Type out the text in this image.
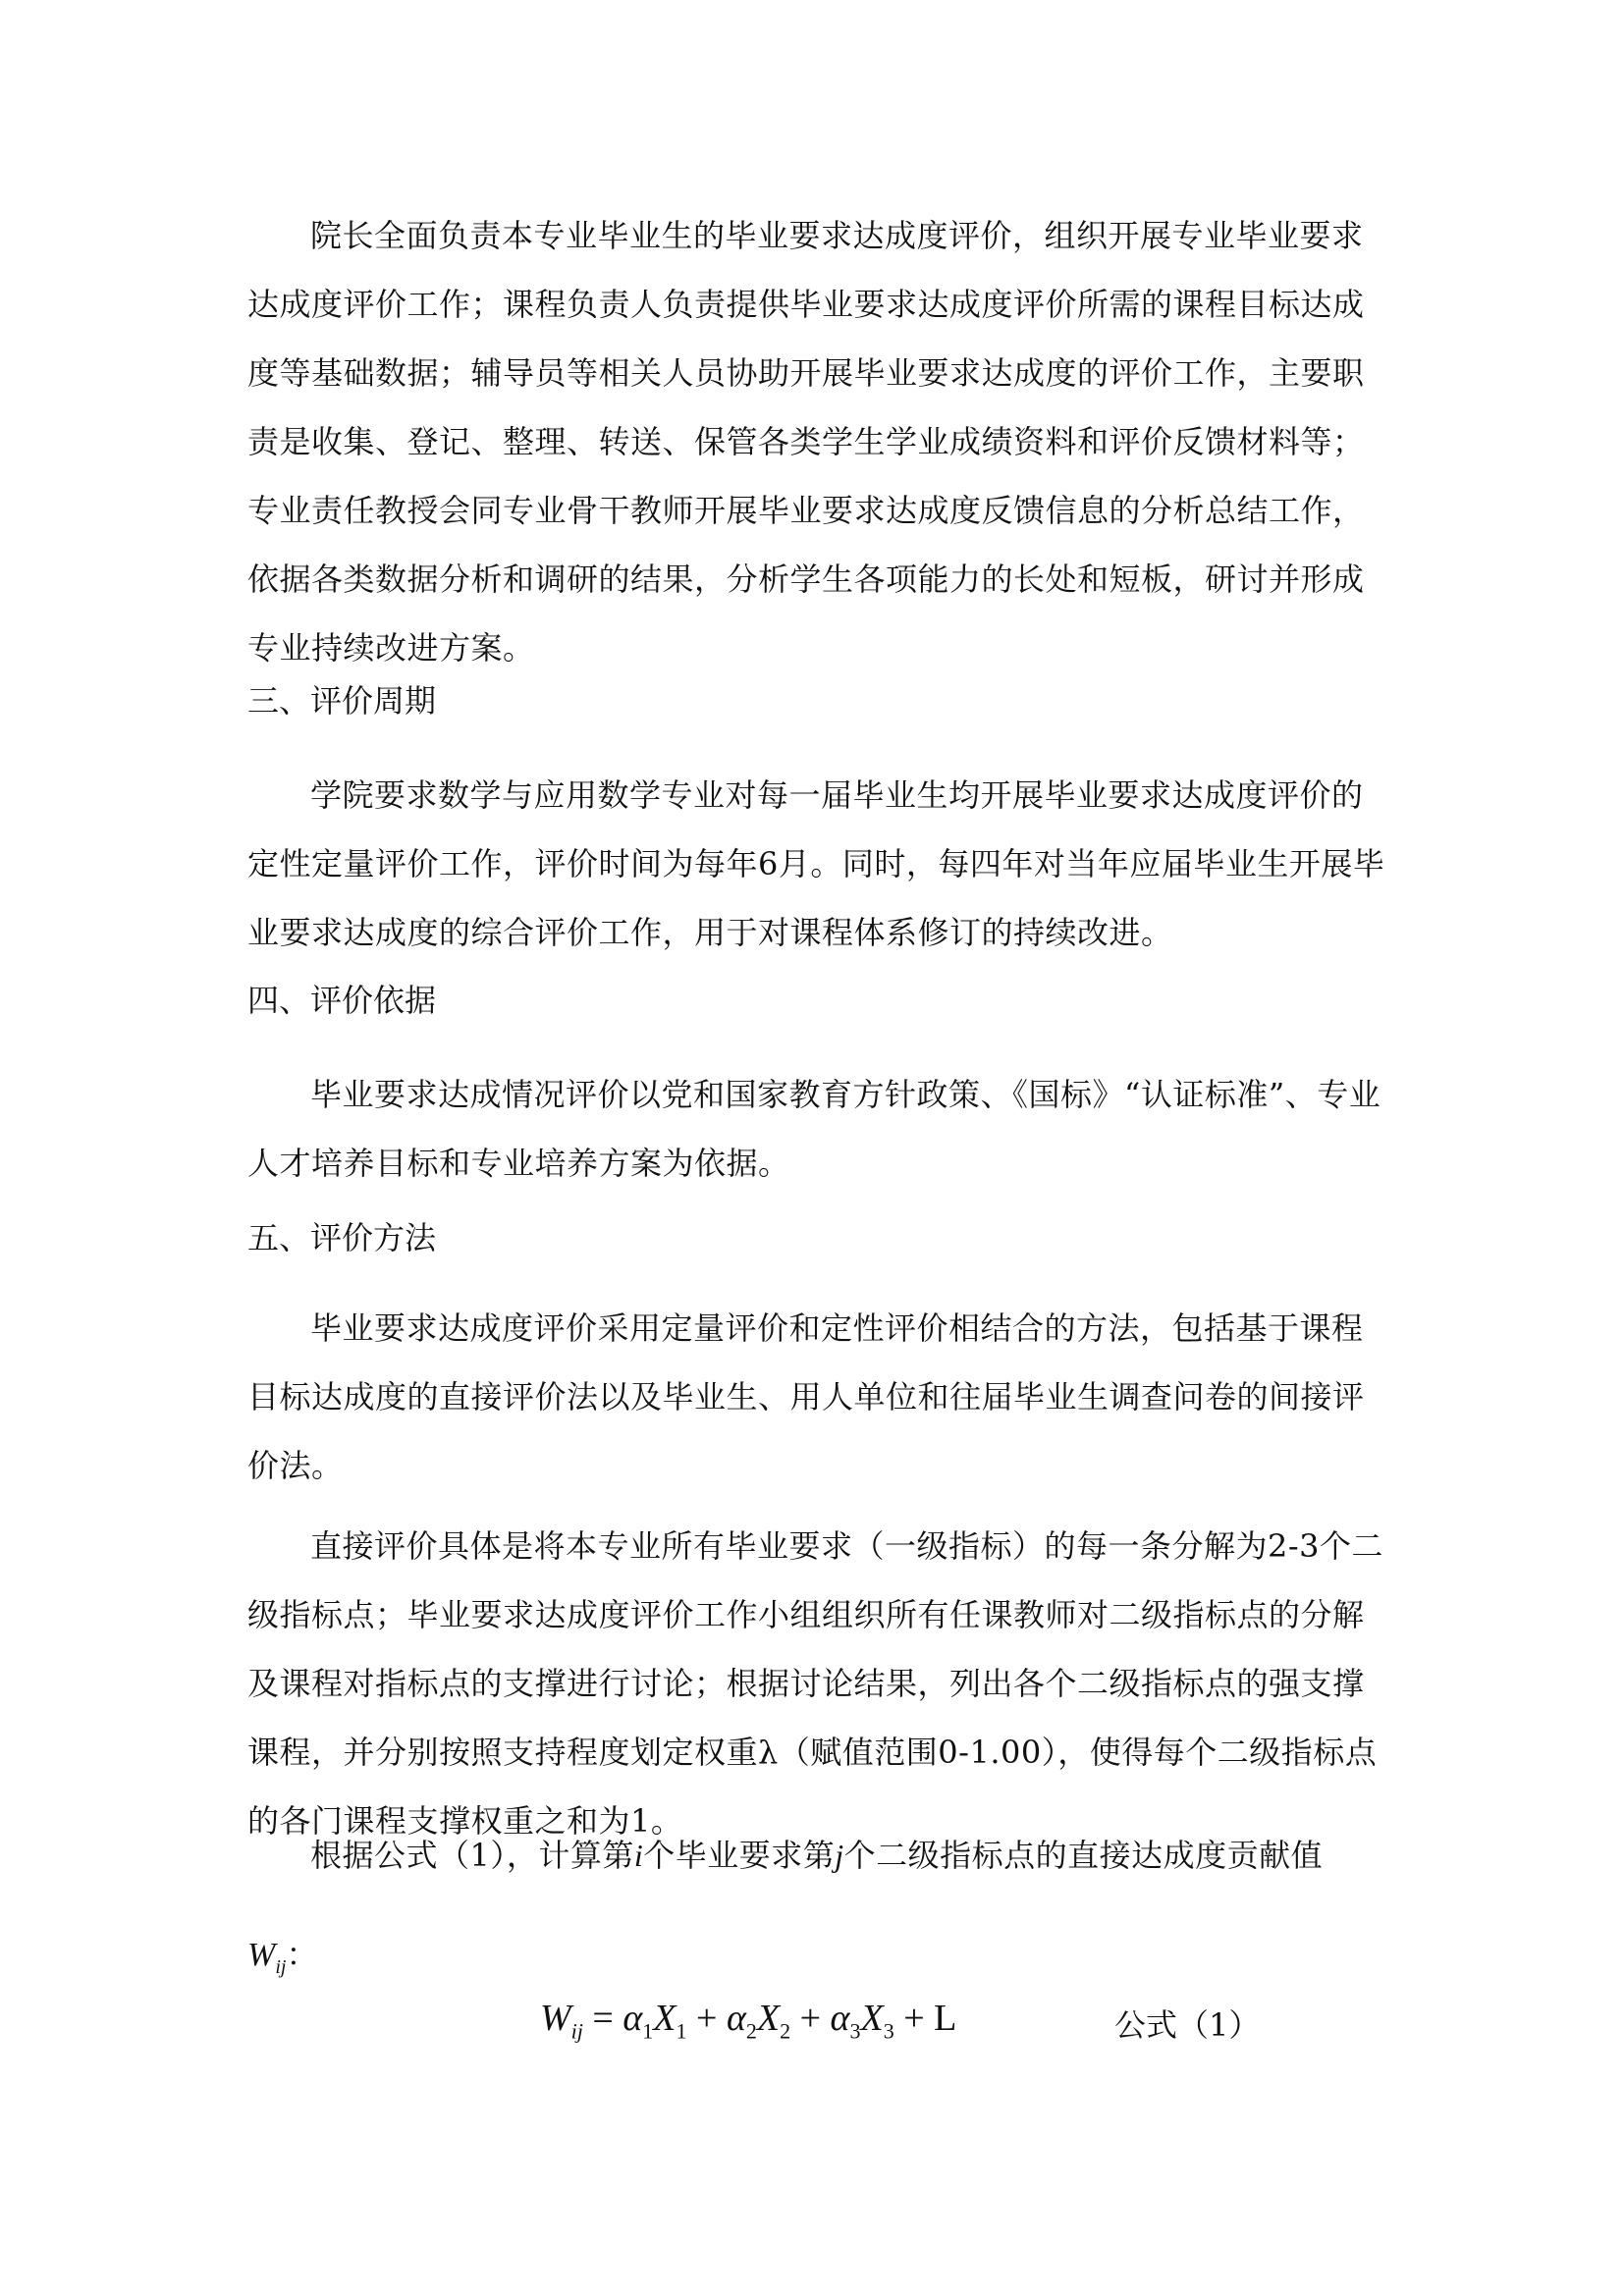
院长全面负责本专业毕业生的毕业要求达成度评价，组织开展专业毕业要求达成度评价工作；课程负责人负责提供毕业要求达成度评价所需的课程目标达成度等基础数据；辅导员等相关人员协助开展毕业要求达成度的评价工作，主要职责是收集、登记、整理、转送、保管各类学生学业成绩资料和评价反馈材料等；专业责任教授会同专业骨干教师开展毕业要求达成度反馈信息的分析总结工作，依据各类数据分析和调研的结果，分析学生各项能力的长处和短板，研讨并形成专业持续改进方案。

三、评价周期

学院要求数学与应用数学专业对每一届毕业生均开展毕业要求达成度评价的定性定量评价工作，评价时间为每年6月。同时，每四年对当年应届毕业生开展毕业要求达成度的综合评价工作，用于对课程体系修订的持续改进。

四、评价依据

毕业要求达成情况评价以党和国家教育方针政策、《国标》“认证标准”、专业人才培养目标和专业培养方案为依据。

五、评价方法

毕业要求达成度评价采用定量评价和定性评价相结合的方法，包括基于课程目标达成度的直接评价法以及毕业生、用人单位和往届毕业生调查问卷的间接评价法。

直接评价具体是将本专业所有毕业要求（一级指标）的每一条分解为2-3个二级指标点；毕业要求达成度评价工作小组组织所有任课教师对二级指标点的分解及课程对指标点的支撑进行讨论；根据讨论结果，列出各个二级指标点的强支撑课程，并分别按照支持程度划定权重λ（赋值范围0-1.00），使得每个二级指标点的各门课程支撑权重之和为1。

根据公式（1），计算第i个毕业要求第j个二级指标点的直接达成度贡献值

$W_{ij}$：
$W_{ij} = \alpha_1X_1 + \alpha_2X_2 + \alpha_3X_3 + L$	公式（1）
